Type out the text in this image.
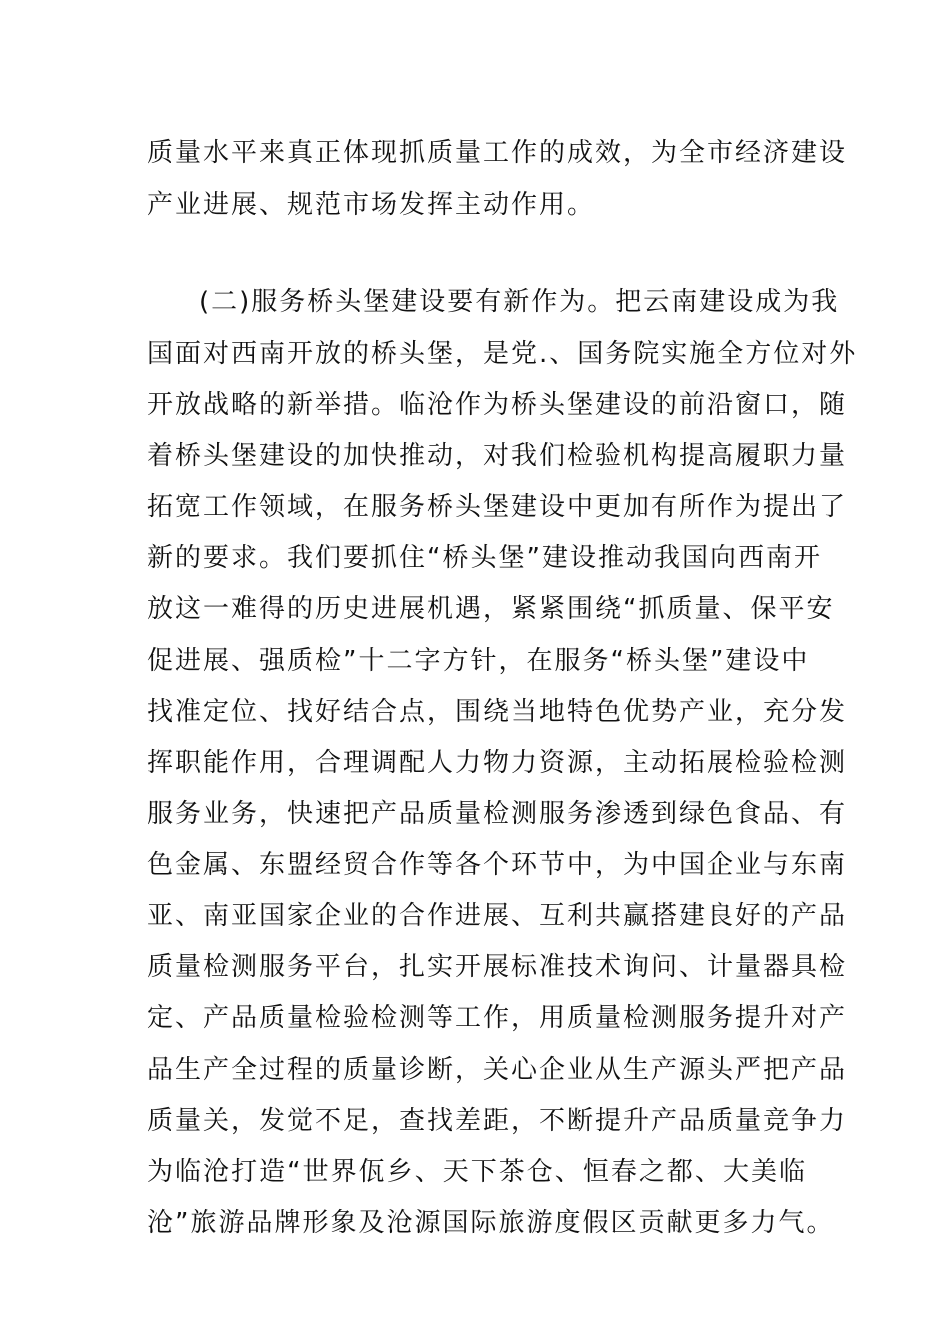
质量水平来真正体现抓质量工作的成效，为全市经济建设
产业进展、规范市场发挥主动作用。
(二)服务桥头堡建设要有新作为。把云南建设成为我
国面对西南开放的桥头堡，是党.、国务院实施全方位对外
开放战略的新举措。临沧作为桥头堡建设的前沿窗口，随
着桥头堡建设的加快推动，对我们检验机构提高履职力量
拓宽工作领域，在服务桥头堡建设中更加有所作为提出了
新的要求。我们要抓住“桥头堡”建设推动我国向西南开
放这一难得的历史进展机遇，紧紧围绕“抓质量、保平安
促进展、强质检”十二字方针，在服务“桥头堡”建设中
找准定位、找好结合点，围绕当地特色优势产业，充分发
挥职能作用，合理调配人力物力资源，主动拓展检验检测
服务业务，快速把产品质量检测服务渗透到绿色食品、有
色金属、东盟经贸合作等各个环节中，为中国企业与东南
亚、南亚国家企业的合作进展、互利共赢搭建良好的产品
质量检测服务平台，扎实开展标准技术询问、计量器具检
定、产品质量检验检测等工作，用质量检测服务提升对产
品生产全过程的质量诊断，关心企业从生产源头严把产品
质量关，发觉不足，查找差距，不断提升产品质量竞争力
为临沧打造“世界佤乡、天下茶仓、恒春之都、大美临
沧”旅游品牌形象及沧源国际旅游度假区贡献更多力气。
